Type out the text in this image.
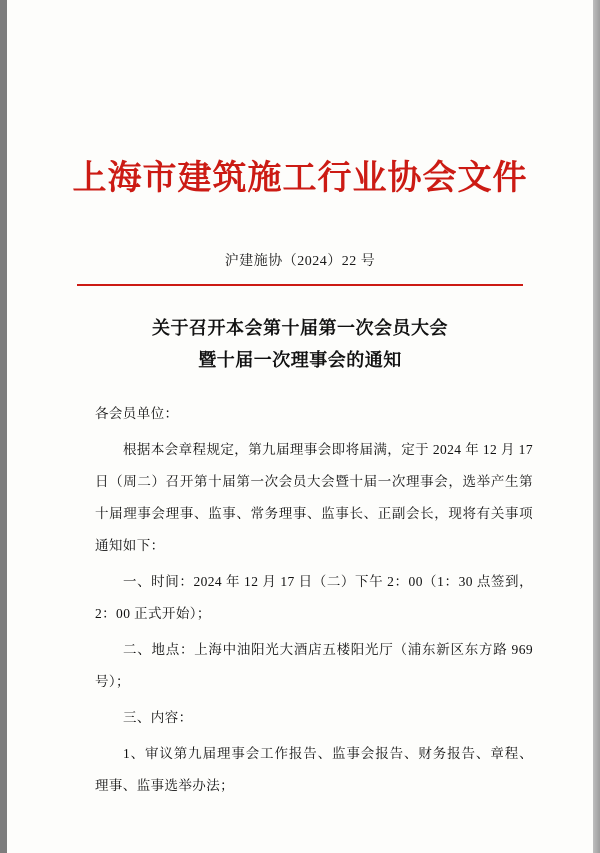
上海市建筑施工行业协会文件
沪建施协（2024）22 号
关于召开本会第十届第一次会员大会
暨十届一次理事会的通知

各会员单位：

根据本会章程规定，第九届理事会即将届满，定于 2024 年 12 月 17 日（周二）召开第十届第一次会员大会暨十届一次理事会，选举产生第十届理事会理事、监事、常务理事、监事长、正副会长，现将有关事项通知如下：

一、时间：2024 年 12 月 17 日（二）下午 2：00（1：30 点签到，2：00 正式开始）；

二、地点：上海中油阳光大酒店五楼阳光厅（浦东新区东方路 969 号）；

三、内容：

1、审议第九届理事会工作报告、监事会报告、财务报告、章程、理事、监事选举办法；
